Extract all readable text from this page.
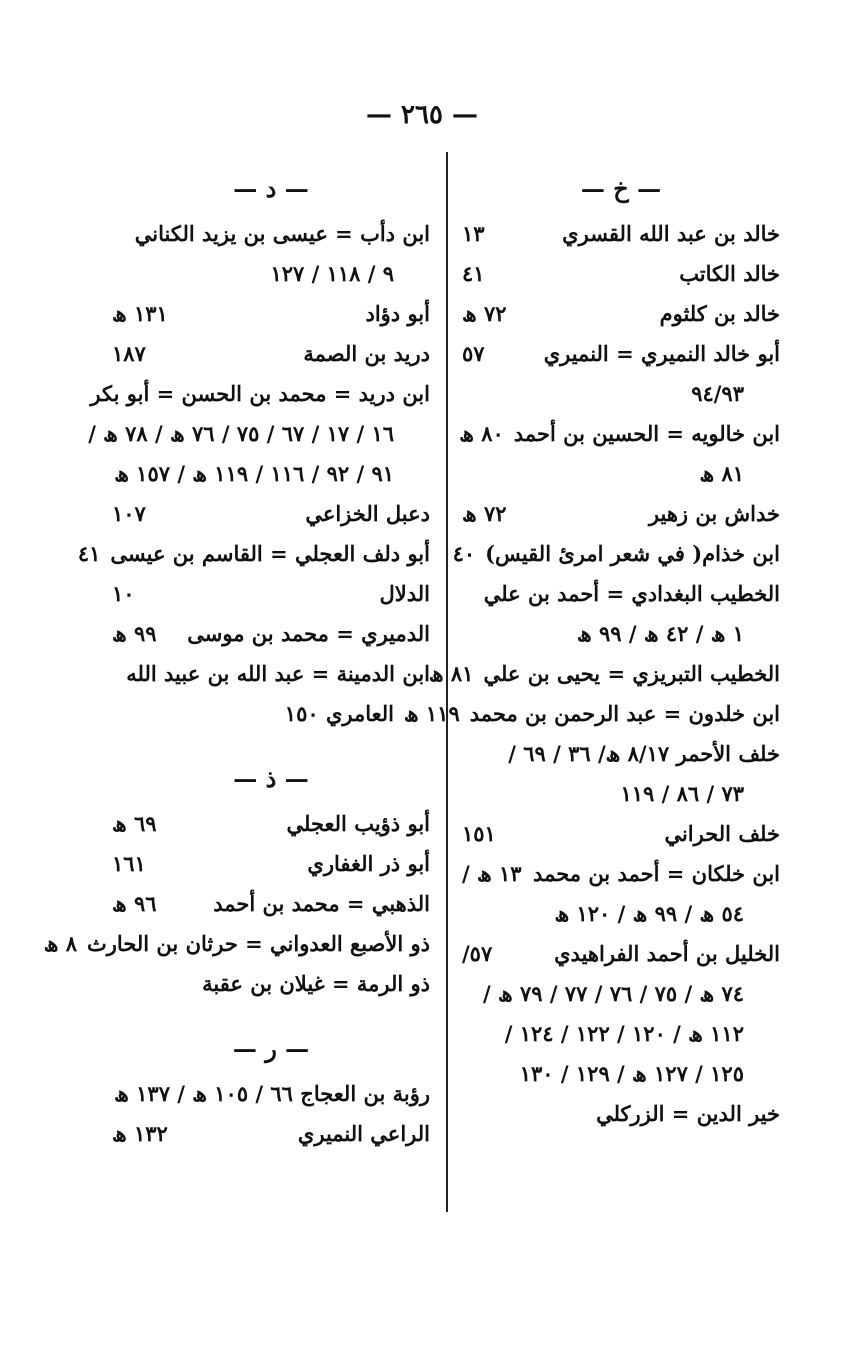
— ٢٦٥ —
— خ —
خالد بن عبد الله القسري
١٣
خالد الكاتب
٤١
خالد بن كلثوم
٧٢ ھ
أبو خالد النميري = النميري
٥٧
٩٤/٩٣
ابن خالويه = الحسين بن أحمد
٨٠ ھ
٨١ ھ
خداش بن زهير
٧٢ ھ
ابن خذام( في شعر امرئ القيس)
٤٠
الخطيب البغدادي = أحمد بن علي
١ ھ / ٤٢ ھ / ٩٩ ھ
الخطيب التبريزي = يحيى بن علي
٨١ ھ
ابن خلدون = عبد الرحمن بن محمد
١١٩ ھ
خلف الأحمر ٨/١٧ ھ/ ٣٦ / ٦٩ /
٧٣ / ٨٦ / ١١٩
خلف الحراني
١٥١
ابن خلكان = أحمد بن محمد
١٣ ھ /
٥٤ ھ / ٩٩ ھ / ١٢٠ ھ
الخليل بن أحمد الفراهيدي
٥٧/
٧٤ ھ / ٧٥ / ٧٦ / ٧٧ / ٧٩ ھ /
١١٢ ھ / ١٢٠ / ١٢٢ / ١٢٤ /
١٢٥ / ١٢٧ ھ / ١٢٩ / ١٣٠
خير الدين = الزركلي
— د —
ابن دأب = عيسى بن يزيد الكناني
٩ / ١١٨ / ١٢٧
أبو دؤاد
١٣١ ھ
دريد بن الصمة
١٨٧
ابن دريد = محمد بن الحسن = أبو بكر
١٦ / ١٧ / ٦٧ / ٧٥ / ٧٦ ھ / ٧٨ ھ /
٩١ / ٩٢ / ١١٦ / ١١٩ ھ / ١٥٧ ھ
دعبل الخزاعي
١٠٧
أبو دلف العجلي = القاسم بن عيسى
٤١
الدلال
١٠
الدميري = محمد بن موسى
٩٩ ھ
ابن الدمينة = عبد الله بن عبيد الله
العامري ١٥٠
— ذ —
أبو ذؤيب العجلي
٦٩ ھ
أبو ذر الغفاري
١٦١
الذهبي = محمد بن أحمد
٩٦ ھ
ذو الأصبع العدواني = حرثان بن الحارث
٨ ھ
ذو الرمة = غيلان بن عقبة
— ر —
رؤبة بن العجاج ٦٦ / ١٠٥ ھ / ١٣٧ ھ
الراعي النميري
١٣٢ ھ
